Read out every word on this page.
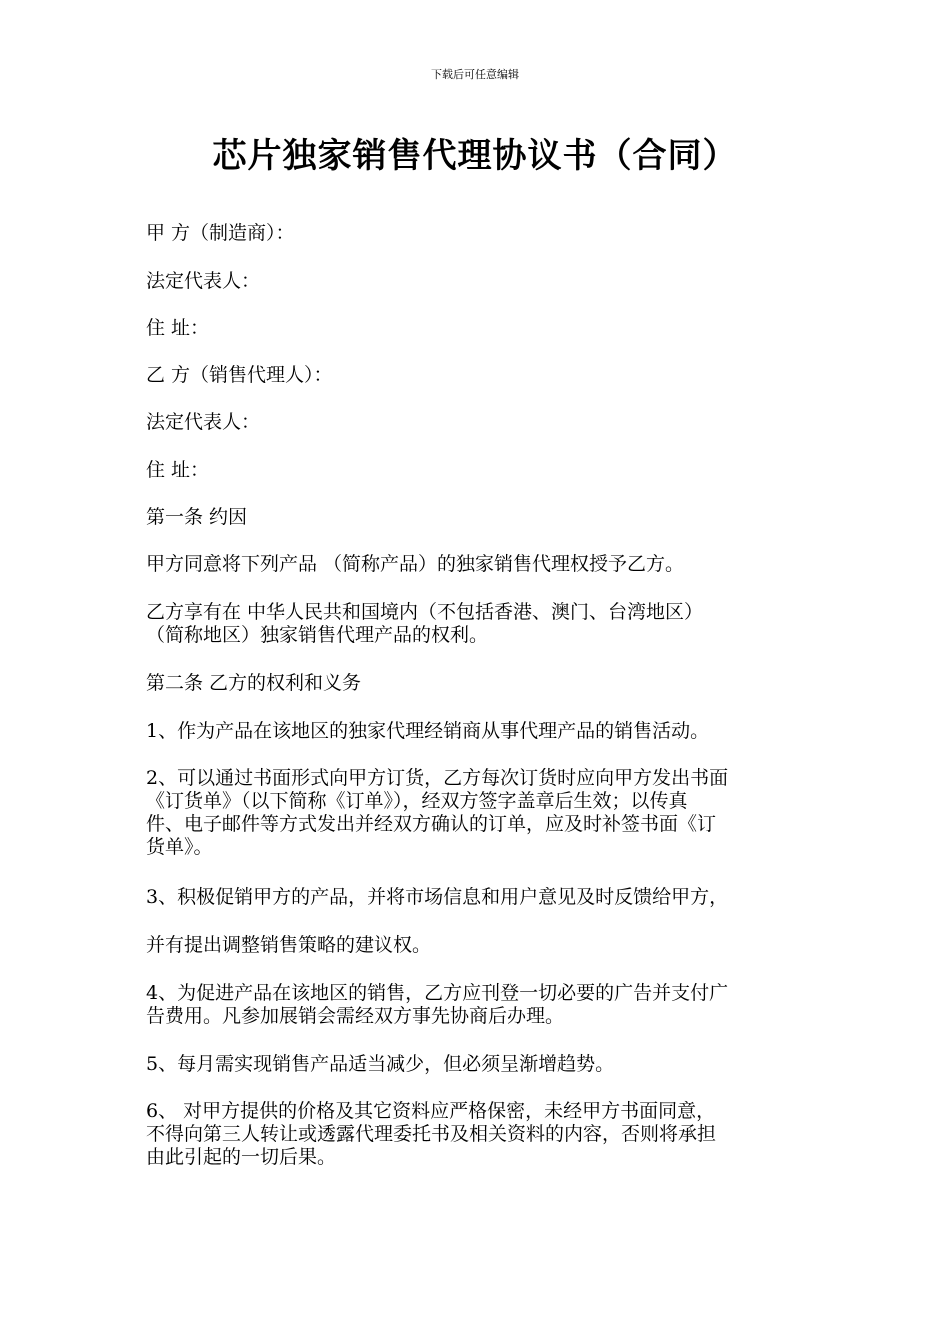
下载后可任意编辑
芯片独家销售代理协议书（合同）

甲 方（制造商）：

法定代表人：

住 址：

乙 方（销售代理人）：

法定代表人：

住 址：

第一条 约因

甲方同意将下列产品 （简称产品）的独家销售代理权授予乙方。

乙方享有在 中华人民共和国境内（不包括香港、澳门、台湾地区）
（简称地区）独家销售代理产品的权利。

第二条 乙方的权利和义务

1、作为产品在该地区的独家代理经销商从事代理产品的销售活动。

2、可以通过书面形式向甲方订货，乙方每次订货时应向甲方发出书面
《订货单》（以下简称《订单》），经双方签字盖章后生效；以传真
件、电子邮件等方式发出并经双方确认的订单，应及时补签书面《订
货单》。

3、积极促销甲方的产品，并将市场信息和用户意见及时反馈给甲方，

并有提出调整销售策略的建议权。

4、为促进产品在该地区的销售，乙方应刊登一切必要的广告并支付广
告费用。凡参加展销会需经双方事先协商后办理。

5、每月需实现销售产品适当减少，但必须呈渐增趋势。

6、 对甲方提供的价格及其它资料应严格保密，未经甲方书面同意，
不得向第三人转让或透露代理委托书及相关资料的内容，否则将承担
由此引起的一切后果。
